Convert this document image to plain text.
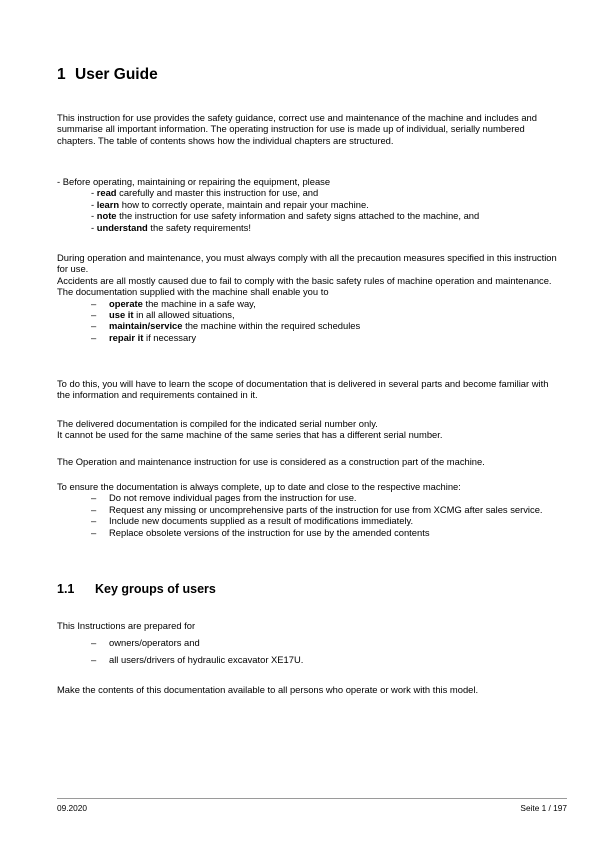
1 User Guide

This instruction for use provides the safety guidance, correct use and maintenance of the machine and includes and summarise all important information. The operating instruction for use is made up of individual, serially numbered chapters. The table of contents shows how the individual chapters are structured.

- Before operating, maintaining or repairing the equipment, please
- read carefully and master this instruction for use, and
- learn how to correctly operate, maintain and repair your machine.
- note the instruction for use safety information and safety signs attached to the machine, and
- understand the safety requirements!
During operation and maintenance, you must always comply with all the precaution measures specified in this instruction for use.
Accidents are all mostly caused due to fail to comply with the basic safety rules of machine operation and maintenance.
The documentation supplied with the machine shall enable you to
–	operate the machine in a safe way,
–	use it in all allowed situations,
–	maintain/service the machine within the required schedules
–	repair it if necessary

To do this, you will have to learn the scope of documentation that is delivered in several parts and become familiar with the information and requirements contained in it.

The delivered documentation is compiled for the indicated serial number only.
It cannot be used for the same machine of the same series that has a different serial number.

The Operation and maintenance instruction for use is considered as a construction part of the machine.

To ensure the documentation is always complete, up to date and close to the respective machine:
–	Do not remove individual pages from the instruction for use.
–	Request any missing or uncomprehensive parts of the instruction for use from XCMG after sales service.
–	Include new documents supplied as a result of modifications immediately.
–	Replace obsolete versions of the instruction for use by the amended contents
1.1 Key groups of users
This Instructions are prepared for
–	owners/operators and
–	all users/drivers of hydraulic excavator XE17U.

Make the contents of this documentation available to all persons who operate or work with this model.

09.2020	Seite 1 / 197
